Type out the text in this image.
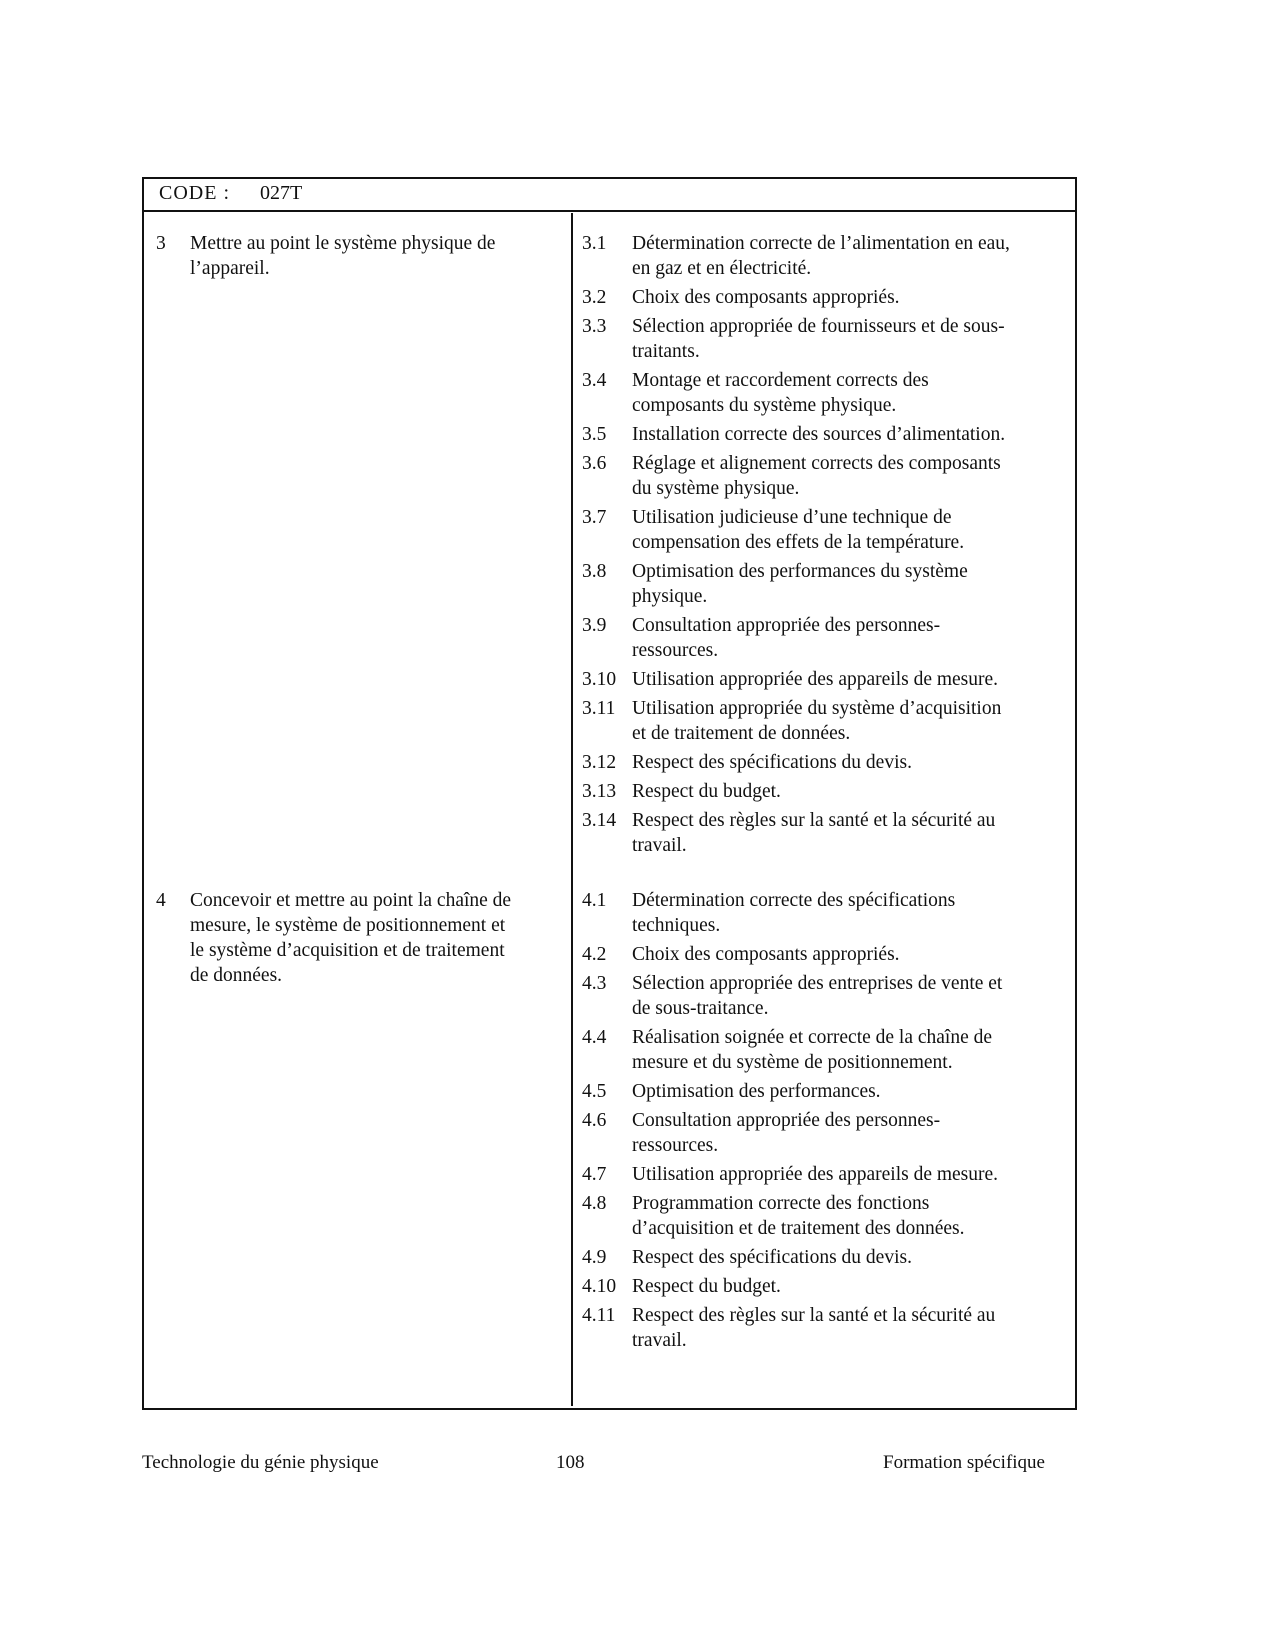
CODE : 027T

3 Mettre au point le système physique de
l’appareil.

3.1 Détermination correcte de l’alimentation en eau,
en gaz et en électricité.
3.2 Choix des composants appropriés.
3.3 Sélection appropriée de fournisseurs et de sous-
traitants.
3.4 Montage et raccordement corrects des
composants du système physique.
3.5 Installation correcte des sources d’alimentation.
3.6 Réglage et alignement corrects des composants
du système physique.
3.7 Utilisation judicieuse d’une technique de
compensation des effets de la température.
3.8 Optimisation des performances du système
physique.
3.9 Consultation appropriée des personnes-
ressources.
3.10 Utilisation appropriée des appareils de mesure.
3.11 Utilisation appropriée du système d’acquisition
et de traitement de données.
3.12 Respect des spécifications du devis.
3.13 Respect du budget.
3.14 Respect des règles sur la santé et la sécurité au
travail.

4 Concevoir et mettre au point la chaîne de
mesure, le système de positionnement et
le système d’acquisition et de traitement
de données.

4.1 Détermination correcte des spécifications
techniques.
4.2 Choix des composants appropriés.
4.3 Sélection appropriée des entreprises de vente et
de sous-traitance.
4.4 Réalisation soignée et correcte de la chaîne de
mesure et du système de positionnement.
4.5 Optimisation des performances.
4.6 Consultation appropriée des personnes-
ressources.
4.7 Utilisation appropriée des appareils de mesure.
4.8 Programmation correcte des fonctions
d’acquisition et de traitement des données.
4.9 Respect des spécifications du devis.
4.10 Respect du budget.
4.11 Respect des règles sur la santé et la sécurité au
travail.
Technologie du génie physique	108	Formation spécifique
